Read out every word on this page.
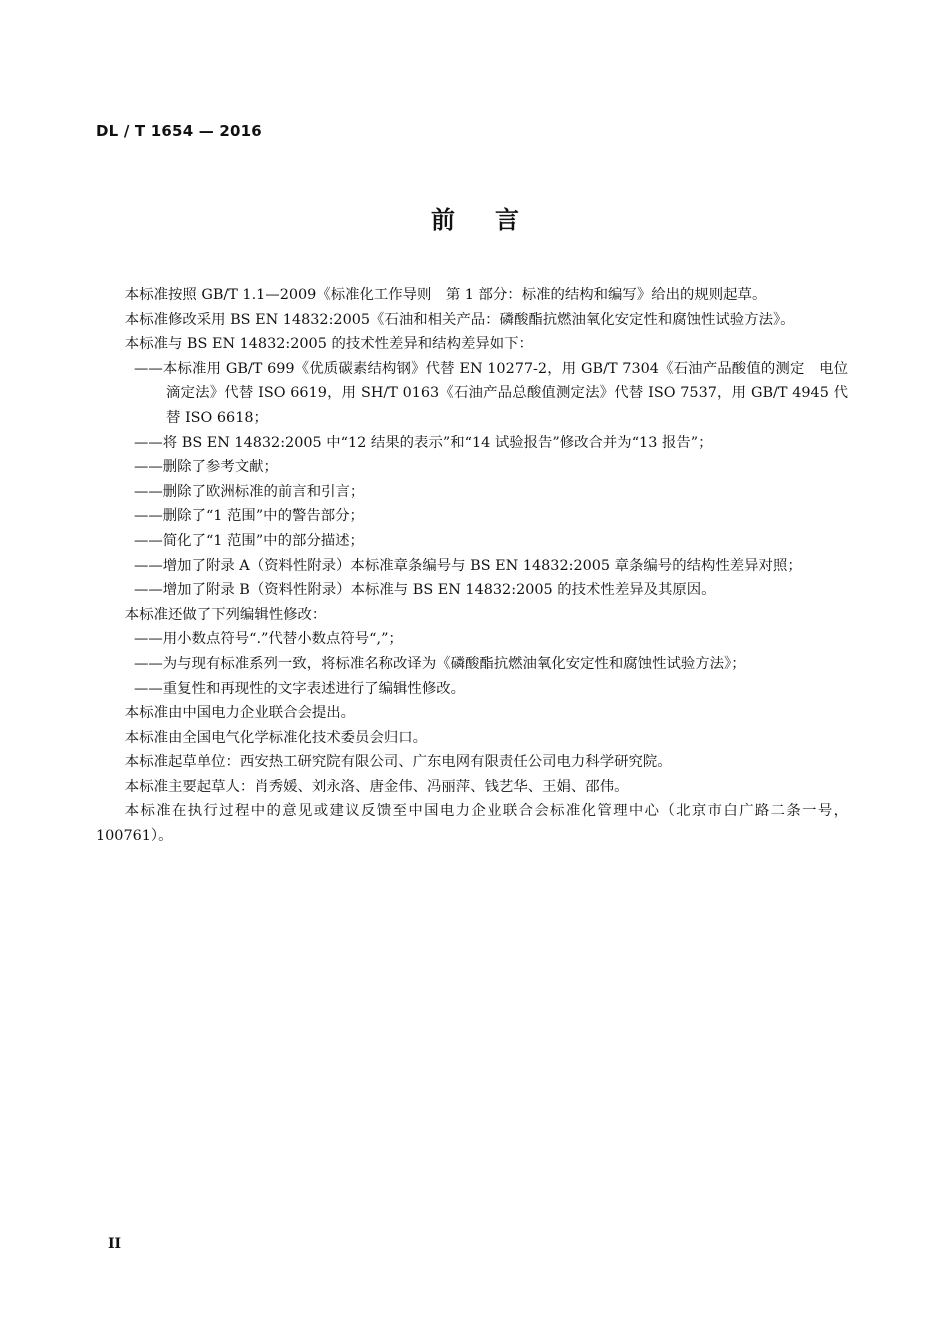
DL / T 1654 — 2016
前言

本标准按照 GB/T 1.1—2009《标准化工作导则　第 1 部分：标准的结构和编写》给出的规则起草。

本标准修改采用 BS EN 14832:2005《石油和相关产品：磷酸酯抗燃油氧化安定性和腐蚀性试验方法》。

本标准与 BS EN 14832:2005 的技术性差异和结构差异如下：

——本标准用 GB/T 699《优质碳素结构钢》代替 EN 10277-2，用 GB/T 7304《石油产品酸值的测定　电位滴定法》代替 ISO 6619，用 SH/T 0163《石油产品总酸值测定法》代替 ISO 7537，用 GB/T 4945 代替 ISO 6618；

——将 BS EN 14832:2005 中“12 结果的表示”和“14 试验报告”修改合并为“13 报告”；

——删除了参考文献；

——删除了欧洲标准的前言和引言；

——删除了“1 范围”中的警告部分；

——简化了“1 范围”中的部分描述；

——增加了附录 A（资料性附录）本标准章条编号与 BS EN 14832:2005 章条编号的结构性差异对照；

——增加了附录 B（资料性附录）本标准与 BS EN 14832:2005 的技术性差异及其原因。

本标准还做了下列编辑性修改：

——用小数点符号“.”代替小数点符号“,”；

——为与现有标准系列一致，将标准名称改译为《磷酸酯抗燃油氧化安定性和腐蚀性试验方法》；

——重复性和再现性的文字表述进行了编辑性修改。

本标准由中国电力企业联合会提出。

本标准由全国电气化学标准化技术委员会归口。

本标准起草单位：西安热工研究院有限公司、广东电网有限责任公司电力科学研究院。

本标准主要起草人：肖秀媛、刘永洛、唐金伟、冯丽萍、钱艺华、王娟、邵伟。

本标准在执行过程中的意见或建议反馈至中国电力企业联合会标准化管理中心（北京市白广路二条一号，100761）。

II
